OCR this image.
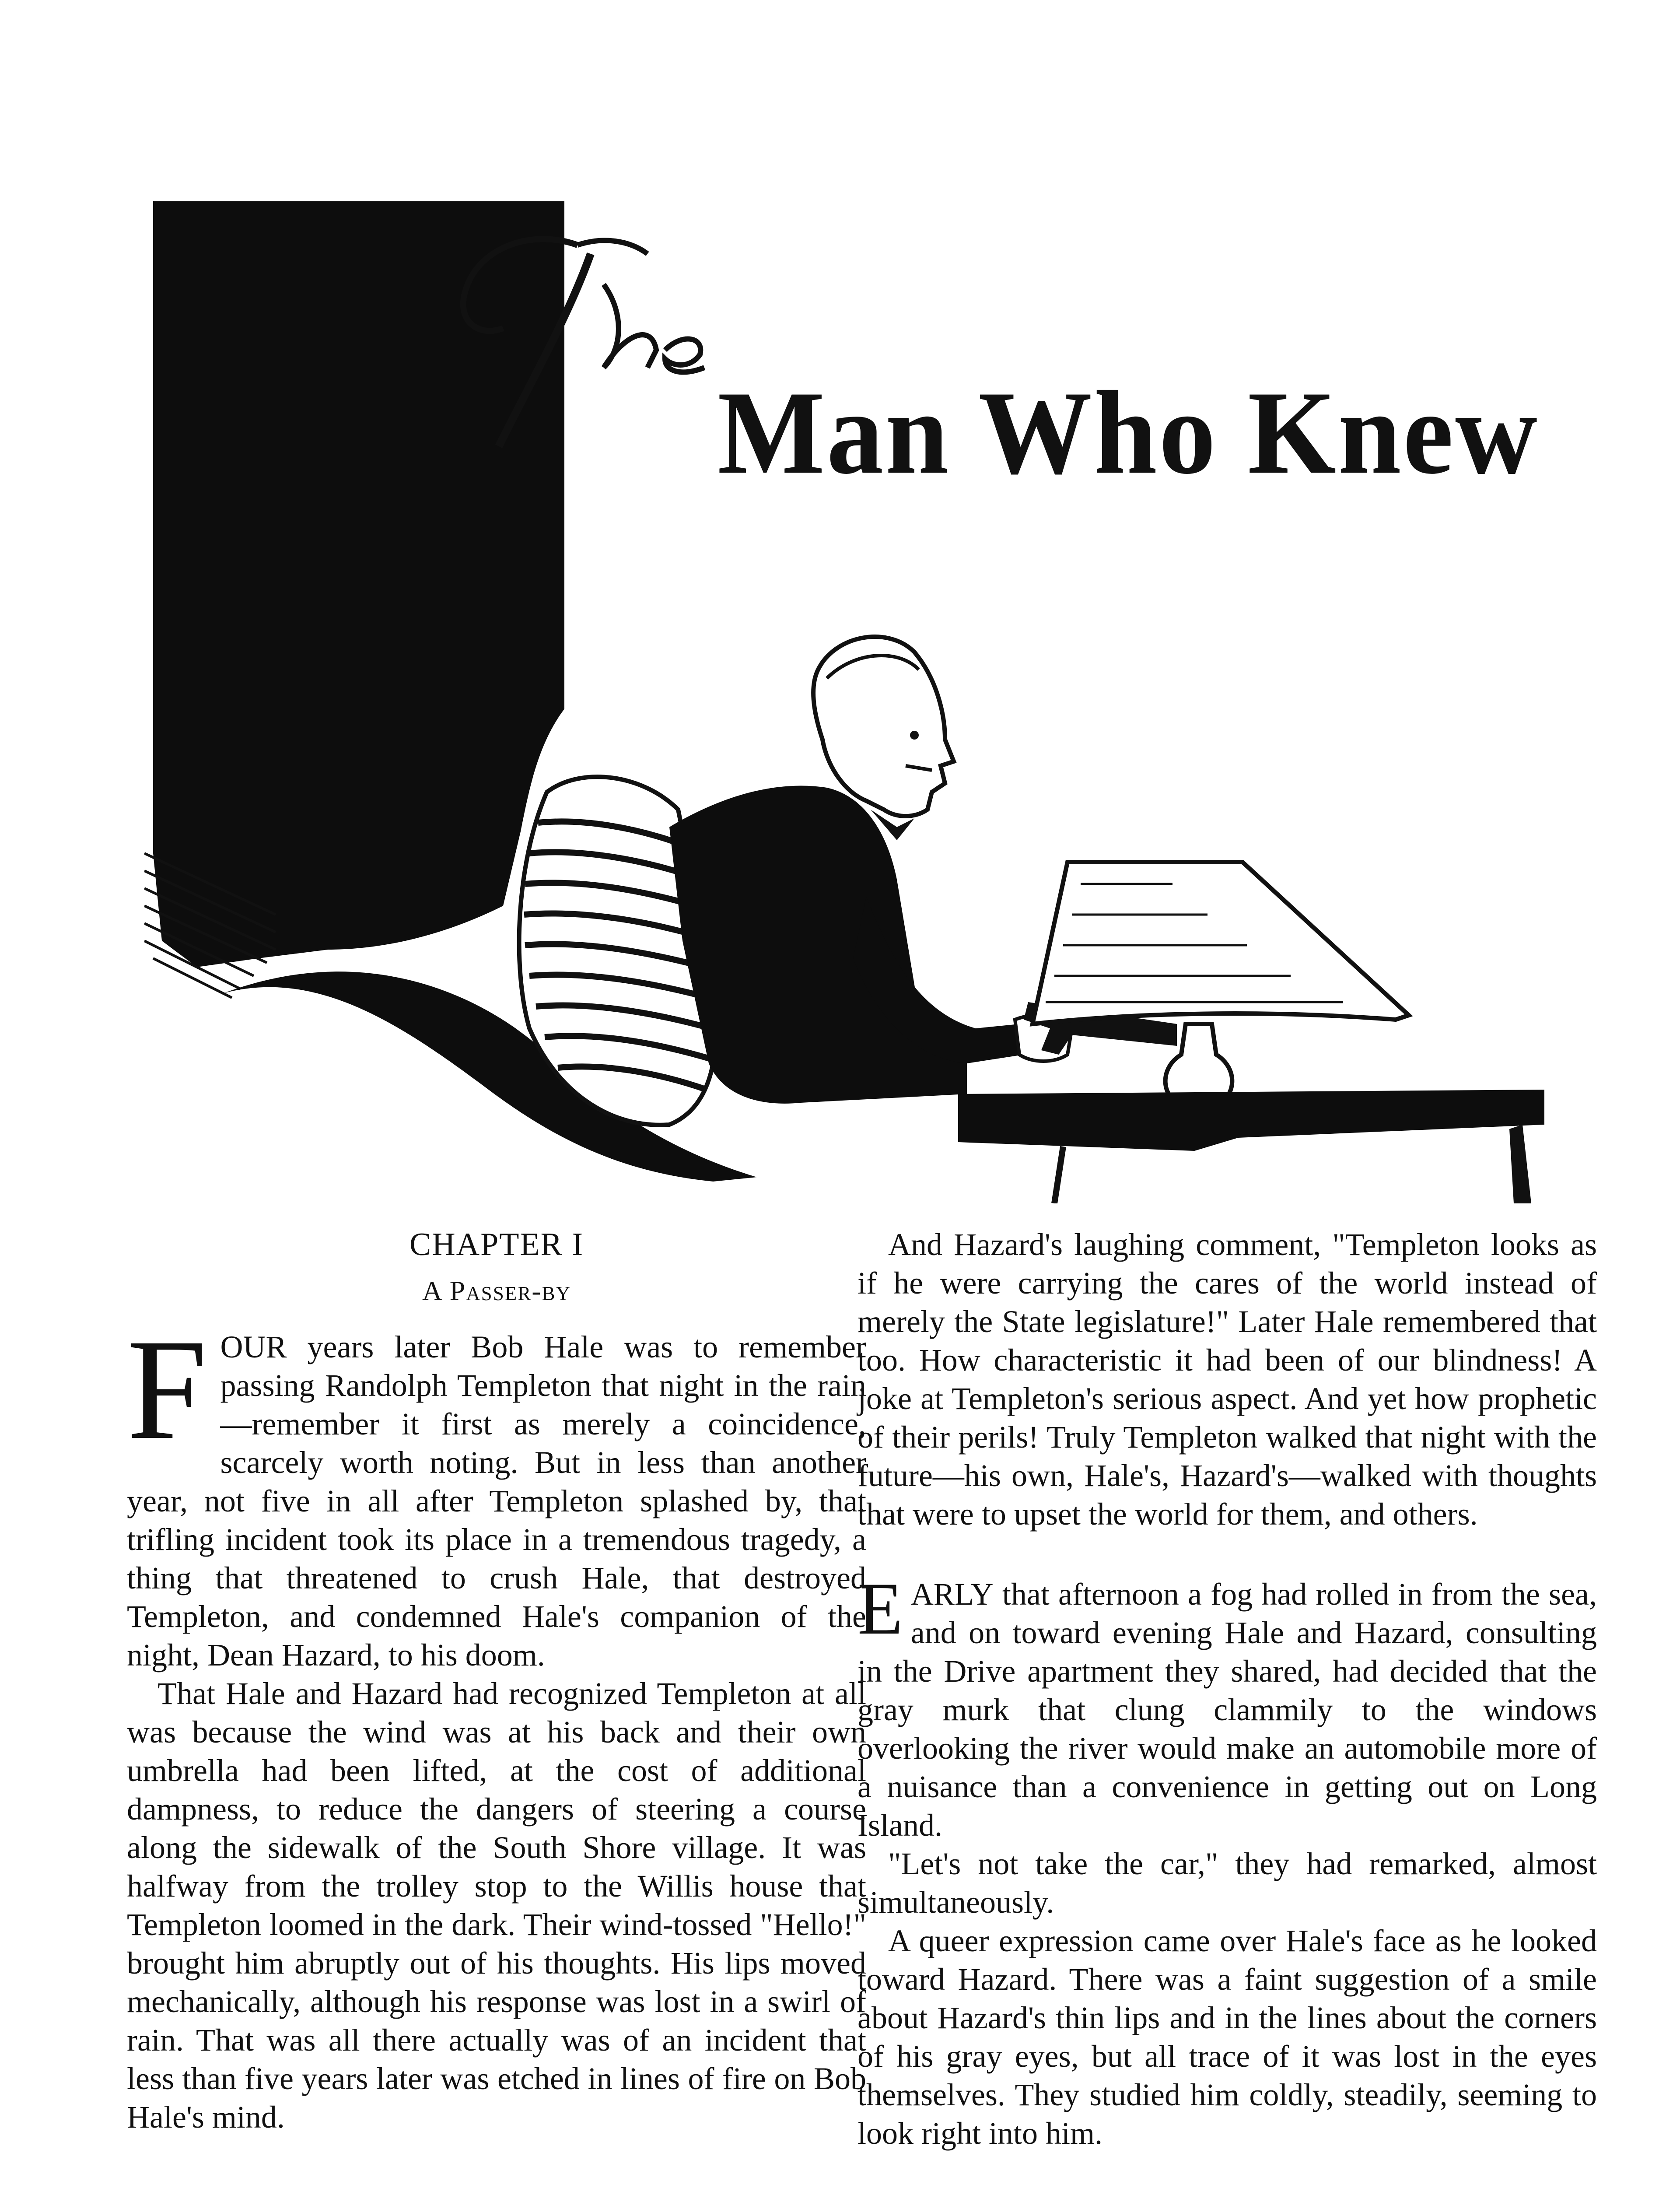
Man Who Knew
CHAPTER I
A Passer-by

FOUR years later Bob Hale was to remember passing Randolph Templeton that night in the rain—remember it first as merely a coincidence, scarcely worth noting. But in less than another year, not five in all after Templeton splashed by, that trifling incident took its place in a tremendous tragedy, a thing that threatened to crush Hale, that destroyed Templeton, and condemned Hale's companion of the night, Dean Hazard, to his doom.

That Hale and Hazard had recognized Templeton at all was because the wind was at his back and their own umbrella had been lifted, at the cost of additional dampness, to reduce the dangers of steering a course along the sidewalk of the South Shore village. It was halfway from the trolley stop to the Willis house that Templeton loomed in the dark. Their wind-tossed "Hello!" brought him abruptly out of his thoughts. His lips moved mechanically, although his response was lost in a swirl of rain. That was all there actually was of an incident that less than five years later was etched in lines of fire on Bob Hale's mind.

And Hazard's laughing comment, "Templeton looks as if he were carrying the cares of the world instead of merely the State legislature!" Later Hale remembered that too. How characteristic it had been of our blindness! A joke at Templeton's serious aspect. And yet how prophetic of their perils! Truly Templeton walked that night with the future—his own, Hale's, Hazard's—walked with thoughts that were to upset the world for them, and others.

EARLY that afternoon a fog had rolled in from the sea, and on toward evening Hale and Hazard, consulting in the Drive apartment they shared, had decided that the gray murk that clung clammily to the windows overlooking the river would make an automobile more of a nuisance than a convenience in getting out on Long Island.

"Let's not take the car," they had remarked, almost simultaneously.

A queer expression came over Hale's face as he looked toward Hazard. There was a faint suggestion of a smile about Hazard's thin lips and in the lines about the corners of his gray eyes, but all trace of it was lost in the eyes themselves. They studied him coldly, steadily, seeming to look right into him.
